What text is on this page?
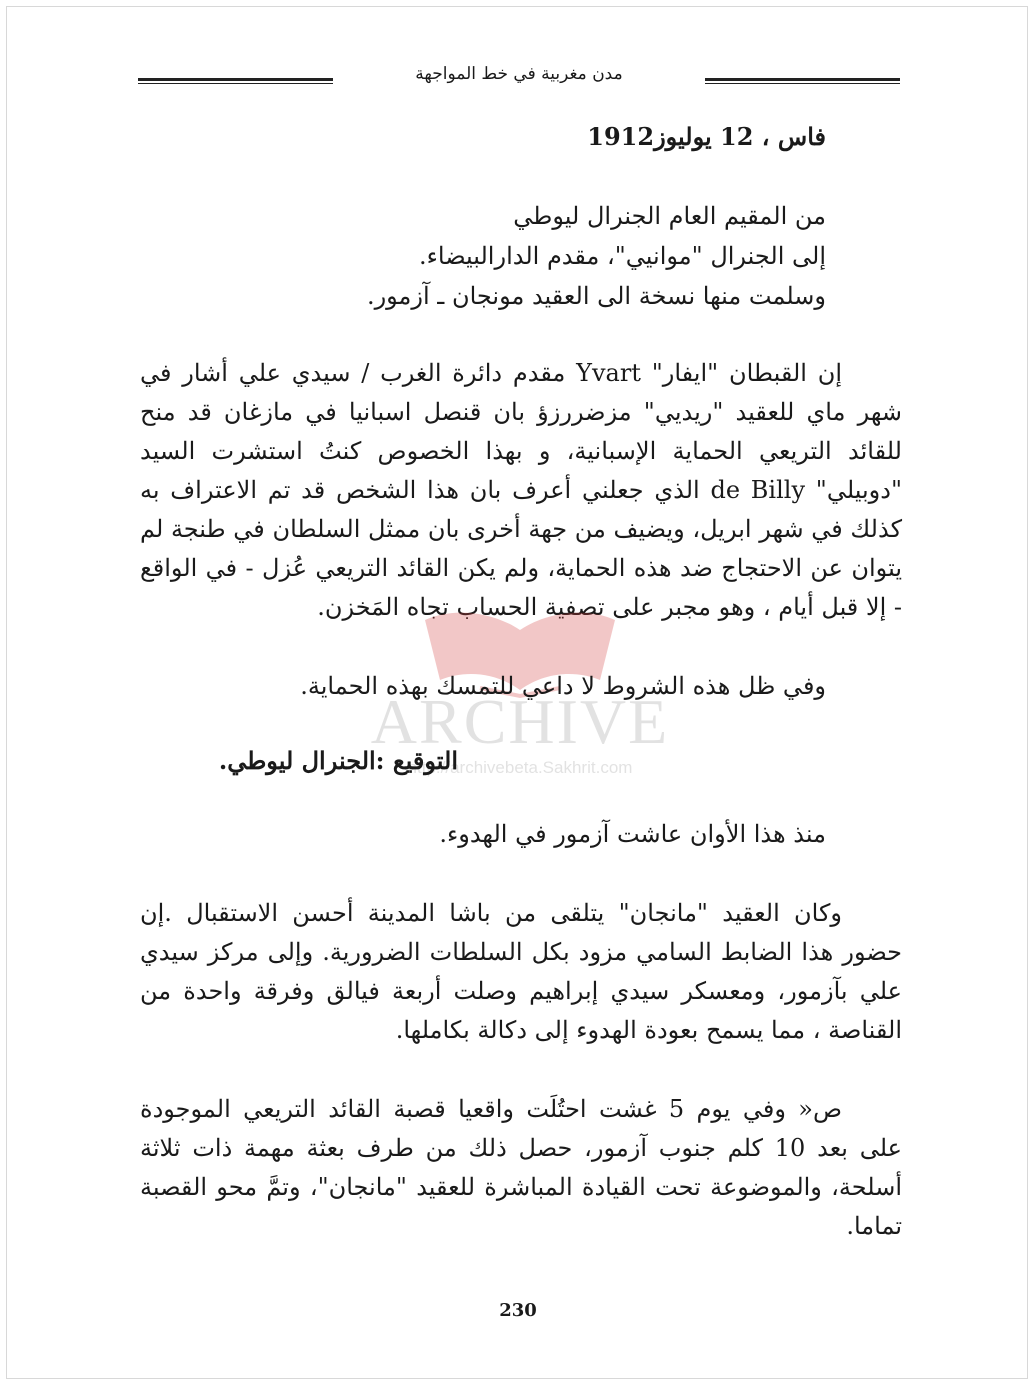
مدن مغربية في خط المواجهة
فاس ، 12 يوليوز1912

من المقيم العام الجنرال ليوطي

إلى الجنرال "موانيي"، مقدم الدارالبيضاء.

وسلمت منها نسخة الى العقيد مونجان ـ آزمور.

إن القبطان "ايفار" Yvart مقدم دائرة الغرب / سيدي علي أشار في شهر ماي للعقيد "ريديي" مزضررزؤ بان قنصل اسبانيا في مازغان قد منح للقائد التريعي الحماية الإسبانية، و بهذا الخصوص كنتُ استشرت السيد "دوبيلي" de Billy الذي جعلني أعرف بان هذا الشخص قد تم الاعتراف به كذلك في شهر ابريل، ويضيف من جهة أخرى بان ممثل السلطان في طنجة لم يتوان عن الاحتجاج ضد هذه الحماية، ولم يكن القائد التريعي عُزل - في الواقع - إلا قبل أيام ، وهو مجبر على تصفية الحساب تجاه المَخزن.

ARCHIVE
http://archivebeta.Sakhrit.com

وفي ظل هذه الشروط لا داعي للتمسك بهذه الحماية.

التوقيع :الجنرال ليوطي.

منذ هذا الأوان عاشت آزمور في الهدوء.

وكان العقيد "مانجان" يتلقى من باشا المدينة أحسن الاستقبال .إن حضور هذا الضابط السامي مزود بكل السلطات الضرورية. وإلى مركز سيدي علي بآزمور، ومعسكر سيدي إبراهيم وصلت أربعة فيالق وفرقة واحدة من القناصة ، مما يسمح بعودة الهدوء إلى دكالة بكاملها.

ص« وفي يوم 5 غشت احتُلَت واقعيا قصبة القائد التريعي الموجودة على بعد 10 كلم جنوب آزمور، حصل ذلك من طرف بعثة مهمة ذات ثلاثة أسلحة، والموضوعة تحت القيادة المباشرة للعقيد "مانجان"، وتمَّ محو القصبة تماما.

230
